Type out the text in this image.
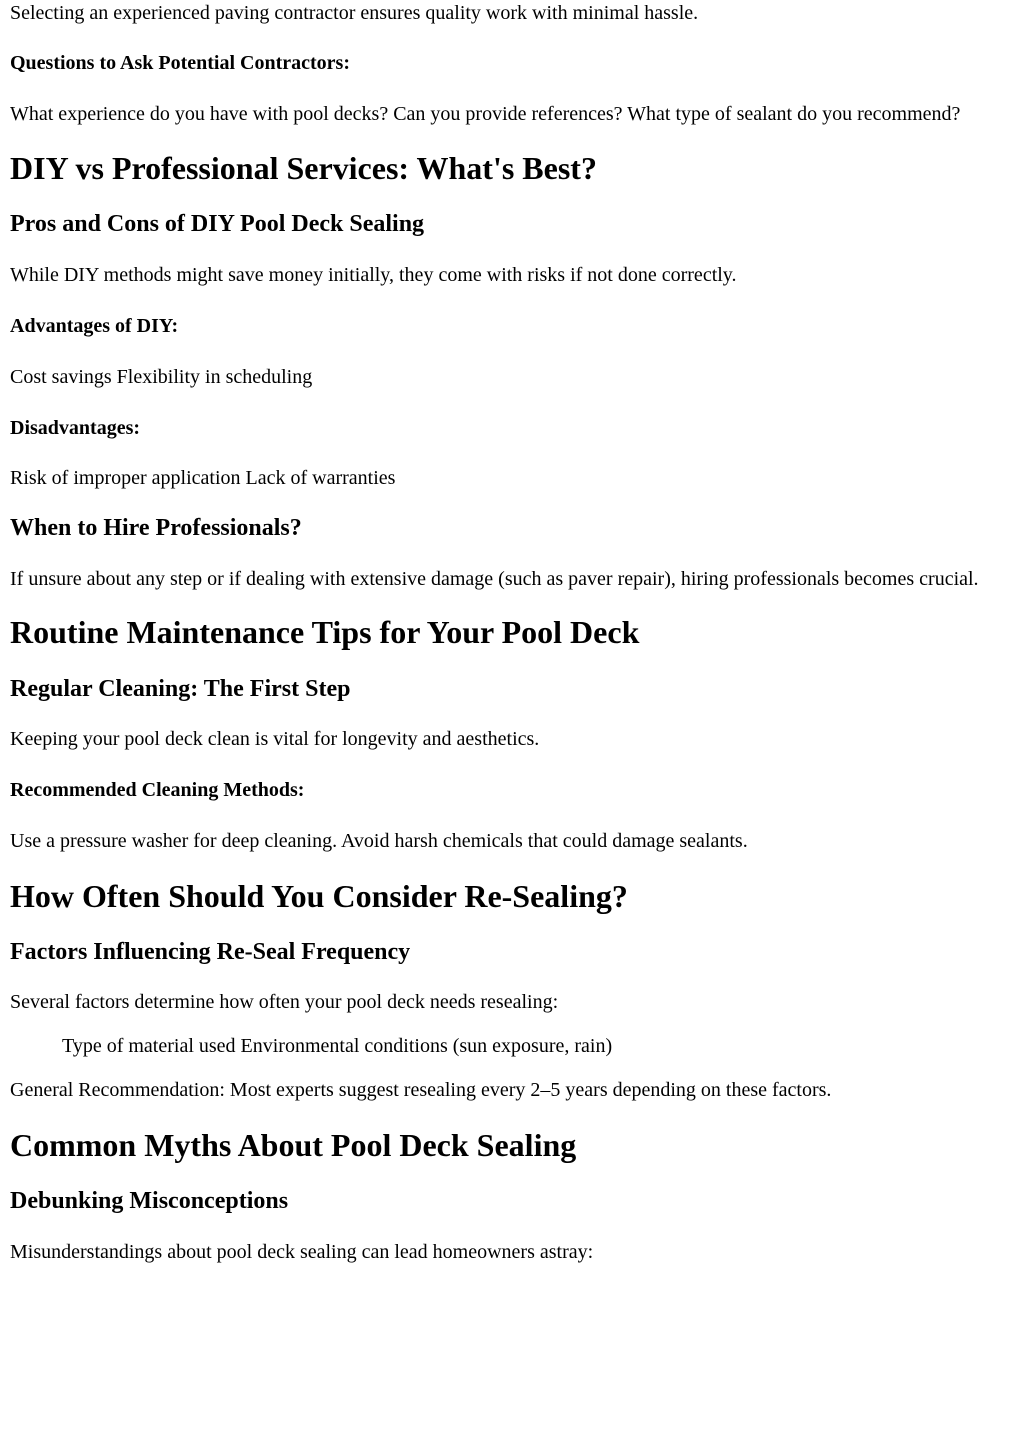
Selecting an experienced paving contractor ensures quality work with minimal hassle.

Questions to Ask Potential Contractors:

What experience do you have with pool decks? Can you provide references? What type of sealant do you recommend?

DIY vs Professional Services: What's Best?
Pros and Cons of DIY Pool Deck Sealing

While DIY methods might save money initially, they come with risks if not done correctly.

Advantages of DIY:

Cost savings Flexibility in scheduling

Disadvantages:

Risk of improper application Lack of warranties

When to Hire Professionals?

If unsure about any step or if dealing with extensive damage (such as paver repair), hiring professionals becomes crucial.

Routine Maintenance Tips for Your Pool Deck
Regular Cleaning: The First Step

Keeping your pool deck clean is vital for longevity and aesthetics.

Recommended Cleaning Methods:

Use a pressure washer for deep cleaning. Avoid harsh chemicals that could damage sealants.

How Often Should You Consider Re-Sealing?
Factors Influencing Re-Seal Frequency

Several factors determine how often your pool deck needs resealing:

Type of material used Environmental conditions (sun exposure, rain)

General Recommendation: Most experts suggest resealing every 2–5 years depending on these factors.

Common Myths About Pool Deck Sealing
Debunking Misconceptions

Misunderstandings about pool deck sealing can lead homeowners astray:
